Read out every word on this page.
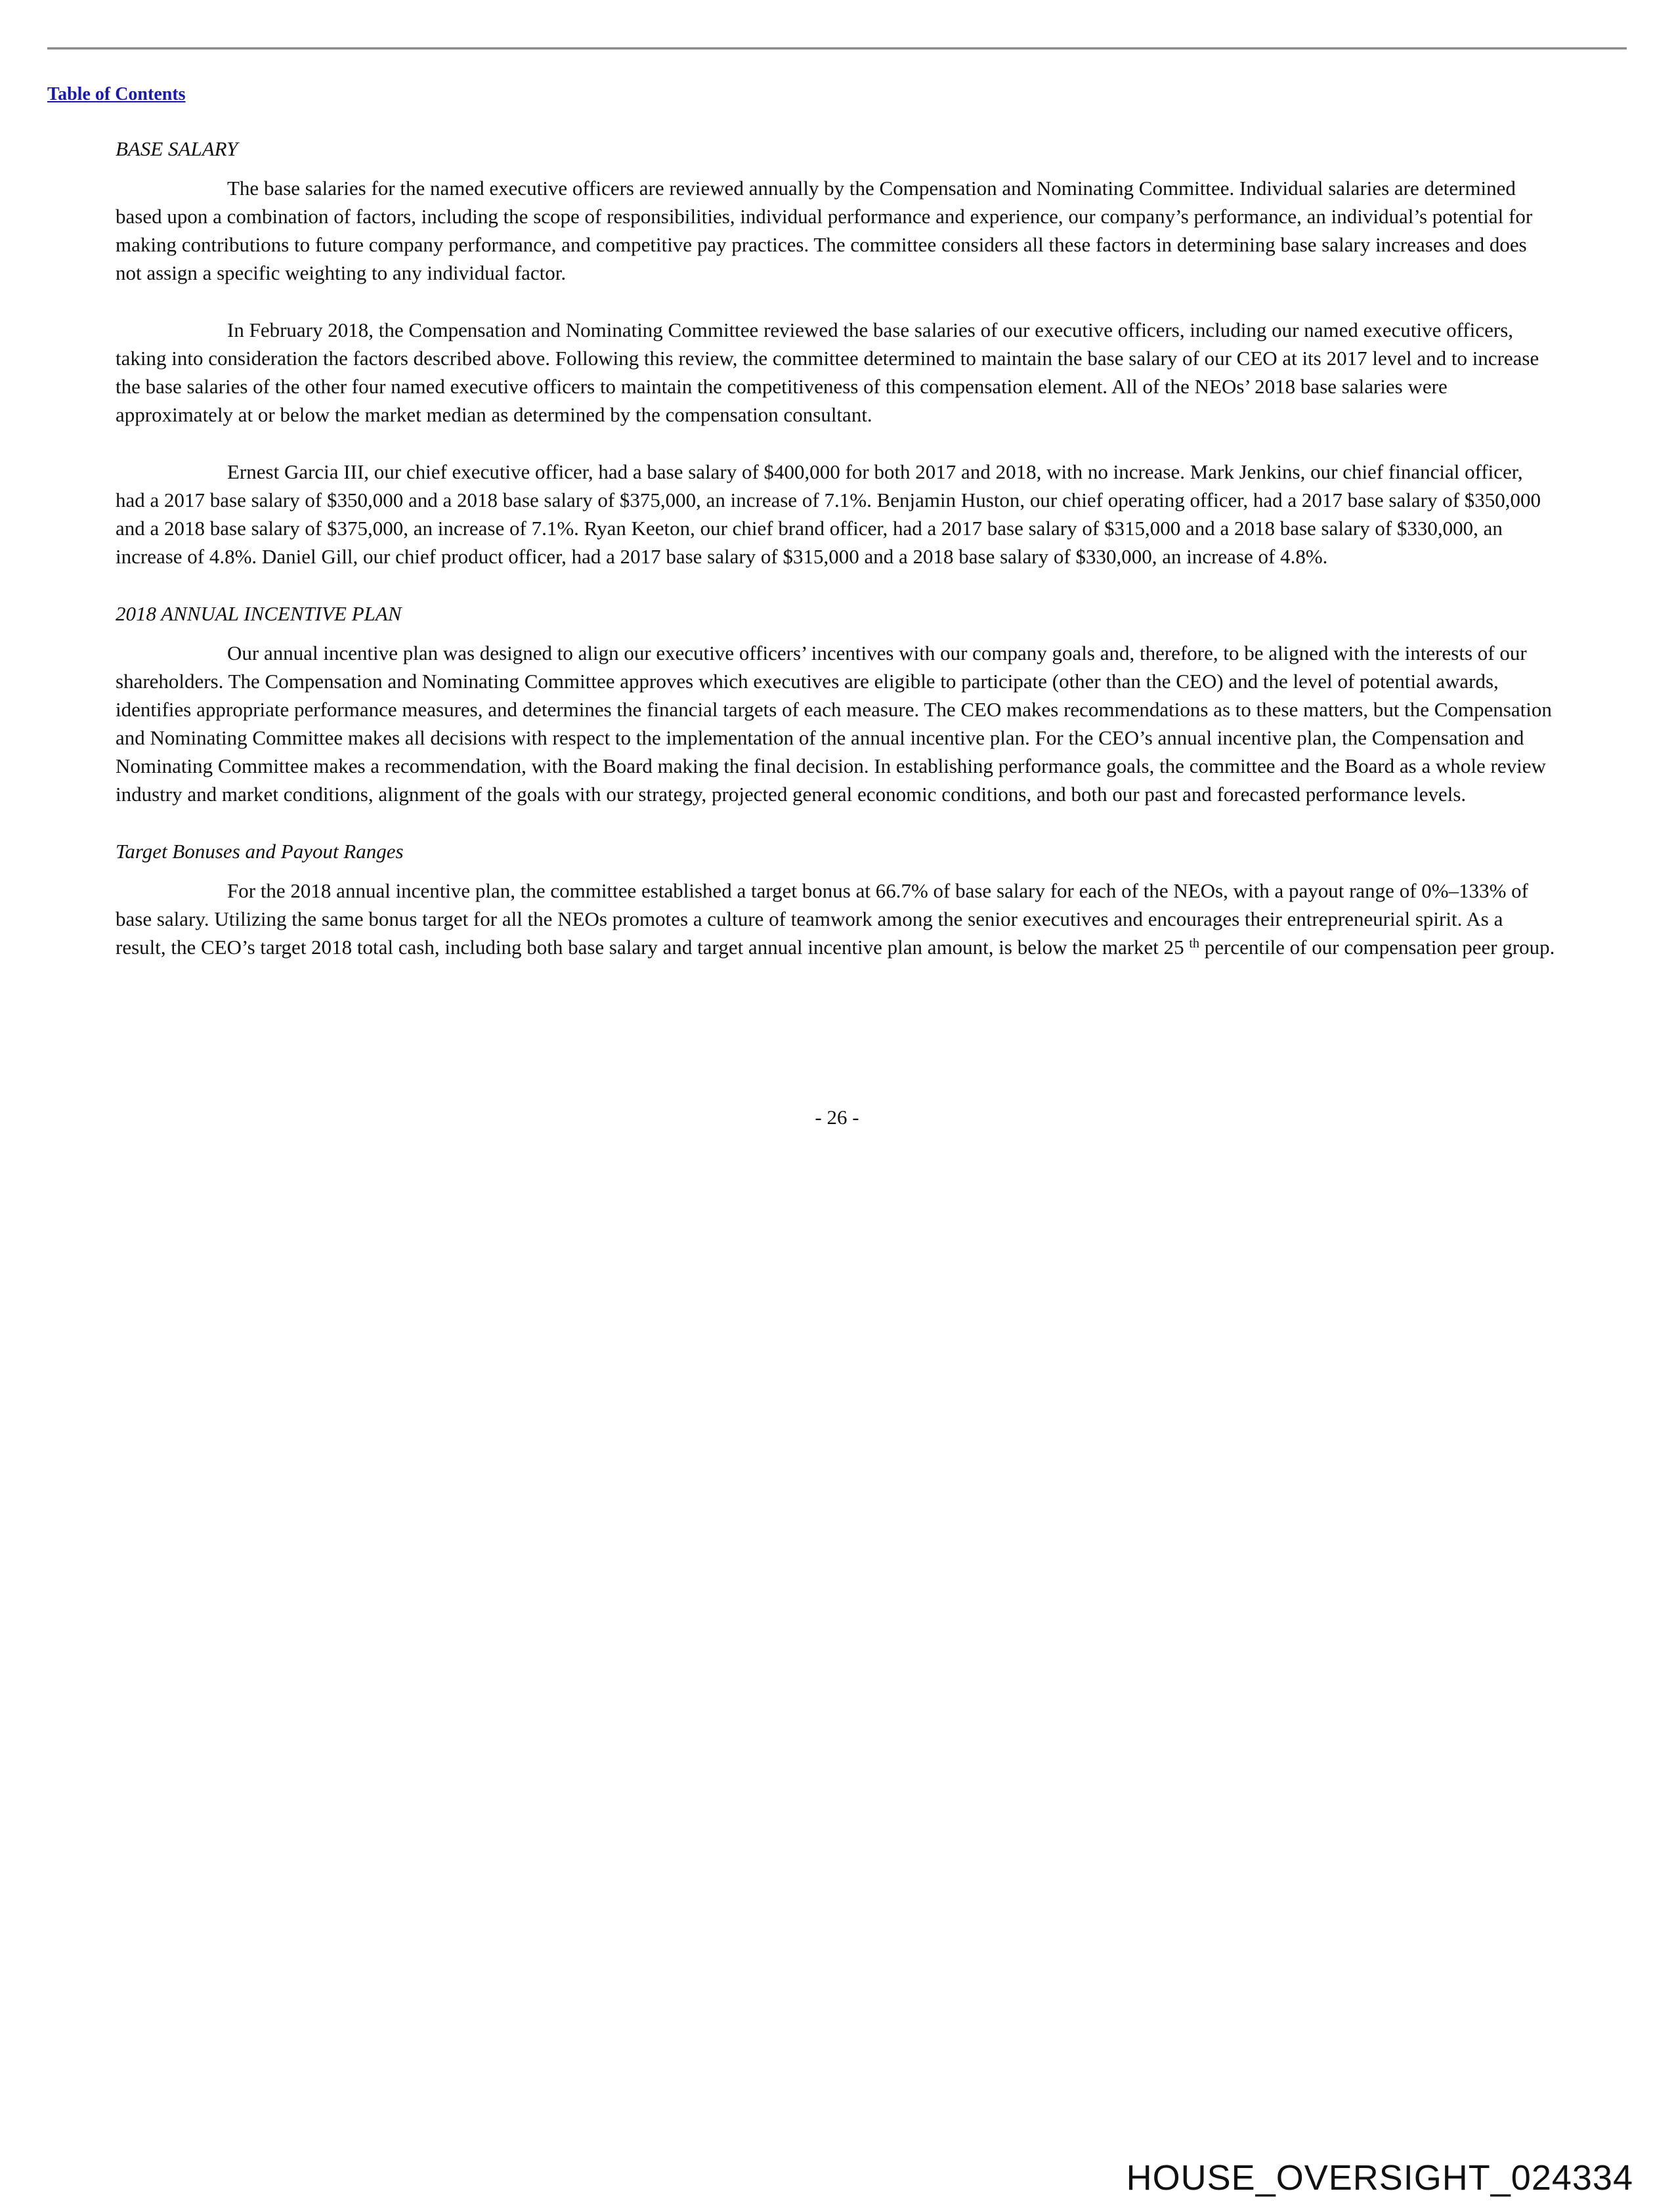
Table of Contents
BASE SALARY

The base salaries for the named executive officers are reviewed annually by the Compensation and Nominating Committee. Individual salaries are determined based upon a combination of factors, including the scope of responsibilities, individual performance and experience, our company’s performance, an individual’s potential for making contributions to future company performance, and competitive pay practices. The committee considers all these factors in determining base salary increases and does not assign a specific weighting to any individual factor.

In February 2018, the Compensation and Nominating Committee reviewed the base salaries of our executive officers, including our named executive officers, taking into consideration the factors described above. Following this review, the committee determined to maintain the base salary of our CEO at its 2017 level and to increase the base salaries of the other four named executive officers to maintain the competitiveness of this compensation element. All of the NEOs’ 2018 base salaries were approximately at or below the market median as determined by the compensation consultant.

Ernest Garcia III, our chief executive officer, had a base salary of $400,000 for both 2017 and 2018, with no increase. Mark Jenkins, our chief financial officer, had a 2017 base salary of $350,000 and a 2018 base salary of $375,000, an increase of 7.1%. Benjamin Huston, our chief operating officer, had a 2017 base salary of $350,000 and a 2018 base salary of $375,000, an increase of 7.1%. Ryan Keeton, our chief brand officer, had a 2017 base salary of $315,000 and a 2018 base salary of $330,000, an increase of 4.8%. Daniel Gill, our chief product officer, had a 2017 base salary of $315,000 and a 2018 base salary of $330,000, an increase of 4.8%.

2018 ANNUAL INCENTIVE PLAN

Our annual incentive plan was designed to align our executive officers’ incentives with our company goals and, therefore, to be aligned with the interests of our shareholders. The Compensation and Nominating Committee approves which executives are eligible to participate (other than the CEO) and the level of potential awards, identifies appropriate performance measures, and determines the financial targets of each measure. The CEO makes recommendations as to these matters, but the Compensation and Nominating Committee makes all decisions with respect to the implementation of the annual incentive plan. For the CEO’s annual incentive plan, the Compensation and Nominating Committee makes a recommendation, with the Board making the final decision. In establishing performance goals, the committee and the Board as a whole review industry and market conditions, alignment of the goals with our strategy, projected general economic conditions, and both our past and forecasted performance levels.

Target Bonuses and Payout Ranges

For the 2018 annual incentive plan, the committee established a target bonus at 66.7% of base salary for each of the NEOs, with a payout range of 0%–133% of base salary. Utilizing the same bonus target for all the NEOs promotes a culture of teamwork among the senior executives and encourages their entrepreneurial spirit. As a result, the CEO’s target 2018 total cash, including both base salary and target annual incentive plan amount, is below the market 25 $^{th}$ percentile of our compensation peer group.

- 26 -
HOUSE_OVERSIGHT_024334
